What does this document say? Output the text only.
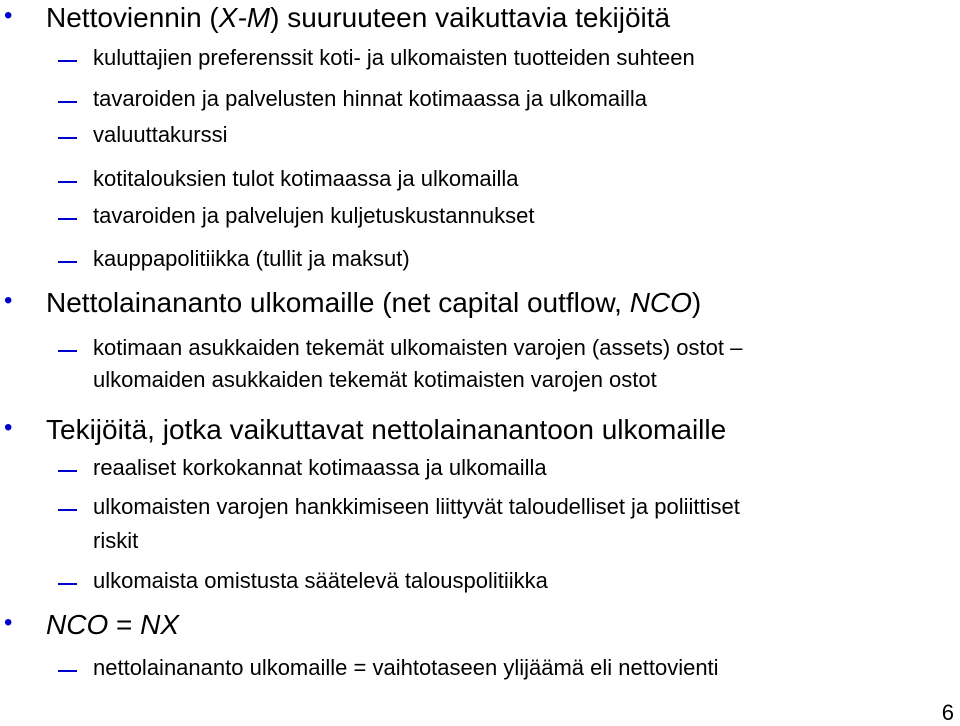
• Nettoviennin (X-M) suuruuteen vaikuttavia tekijöitä
kuluttajien preferenssit koti- ja ulkomaisten tuotteiden suhteen
tavaroiden ja palvelusten hinnat kotimaassa ja ulkomailla
valuuttakurssi
kotitalouksien tulot kotimaassa ja ulkomailla
tavaroiden ja palvelujen kuljetuskustannukset
kauppapolitiikka (tullit ja maksut)
• Nettolainananto ulkomaille (net capital outflow, NCO)
kotimaan asukkaiden tekemät ulkomaisten varojen (assets) ostot –
ulkomaiden asukkaiden tekemät kotimaisten varojen ostot
• Tekijöitä, jotka vaikuttavat nettolainanantoon ulkomaille
reaaliset korkokannat kotimaassa ja ulkomailla
ulkomaisten varojen hankkimiseen liittyvät taloudelliset ja poliittiset
riskit
ulkomaista omistusta säätelevä talouspolitiikka
• NCO = NX
nettolainananto ulkomaille = vaihtotaseen ylijäämä eli nettovienti
6
